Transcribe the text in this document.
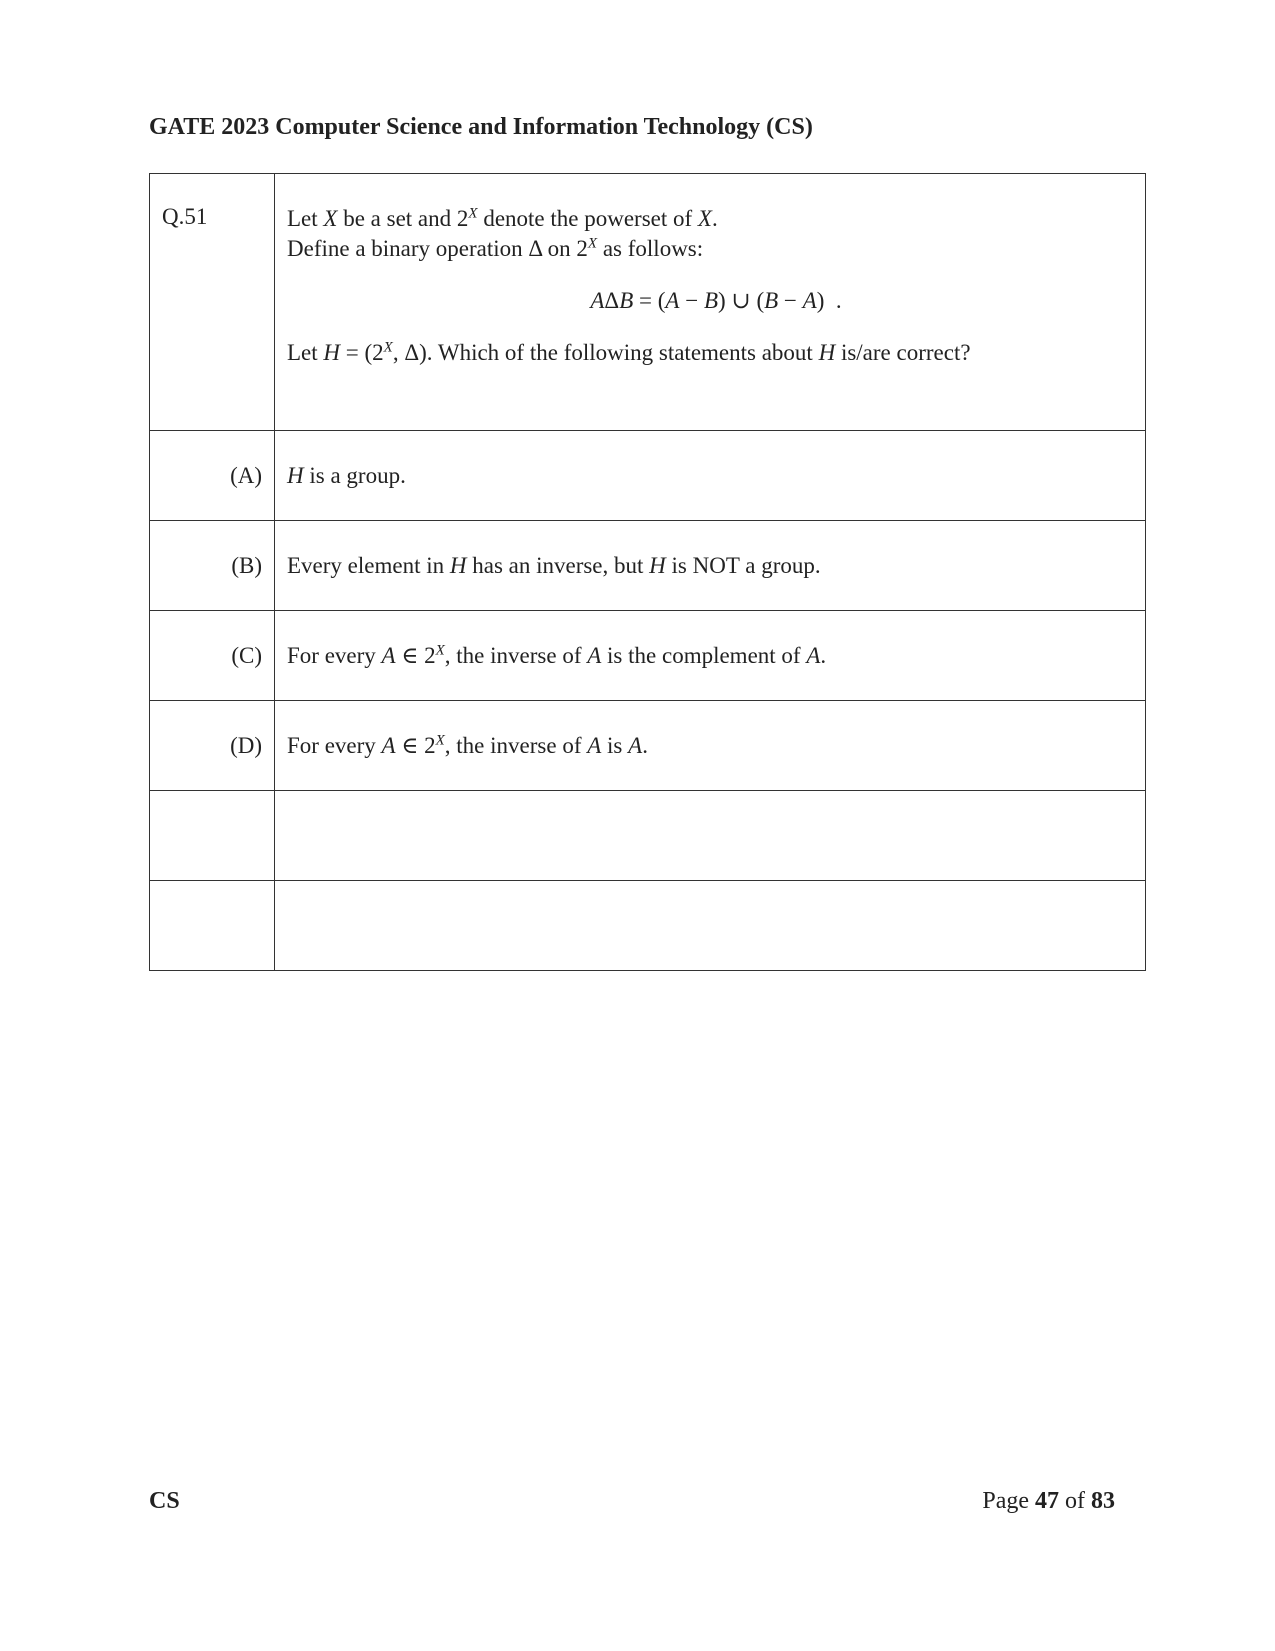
GATE 2023 Computer Science and Information Technology (CS)
Q.51	Let X be a set and $2^X$ denote the powerset of X.
Define a binary operation Δ on $2^X$ as follows:
AΔB = (A − B) ∪ (B − A)  .
Let $H = (2^X$, Δ). Which of the following statements about H is/are correct?

(A)	H is a group.
(B)	Every element in H has an inverse, but H is NOT a group.
(C)	For every A ∈ $2^X$, the inverse of A is the complement of A.
(D)	For every A ∈ $2^X$, the inverse of A is A.

CS	Page 47 of 83
